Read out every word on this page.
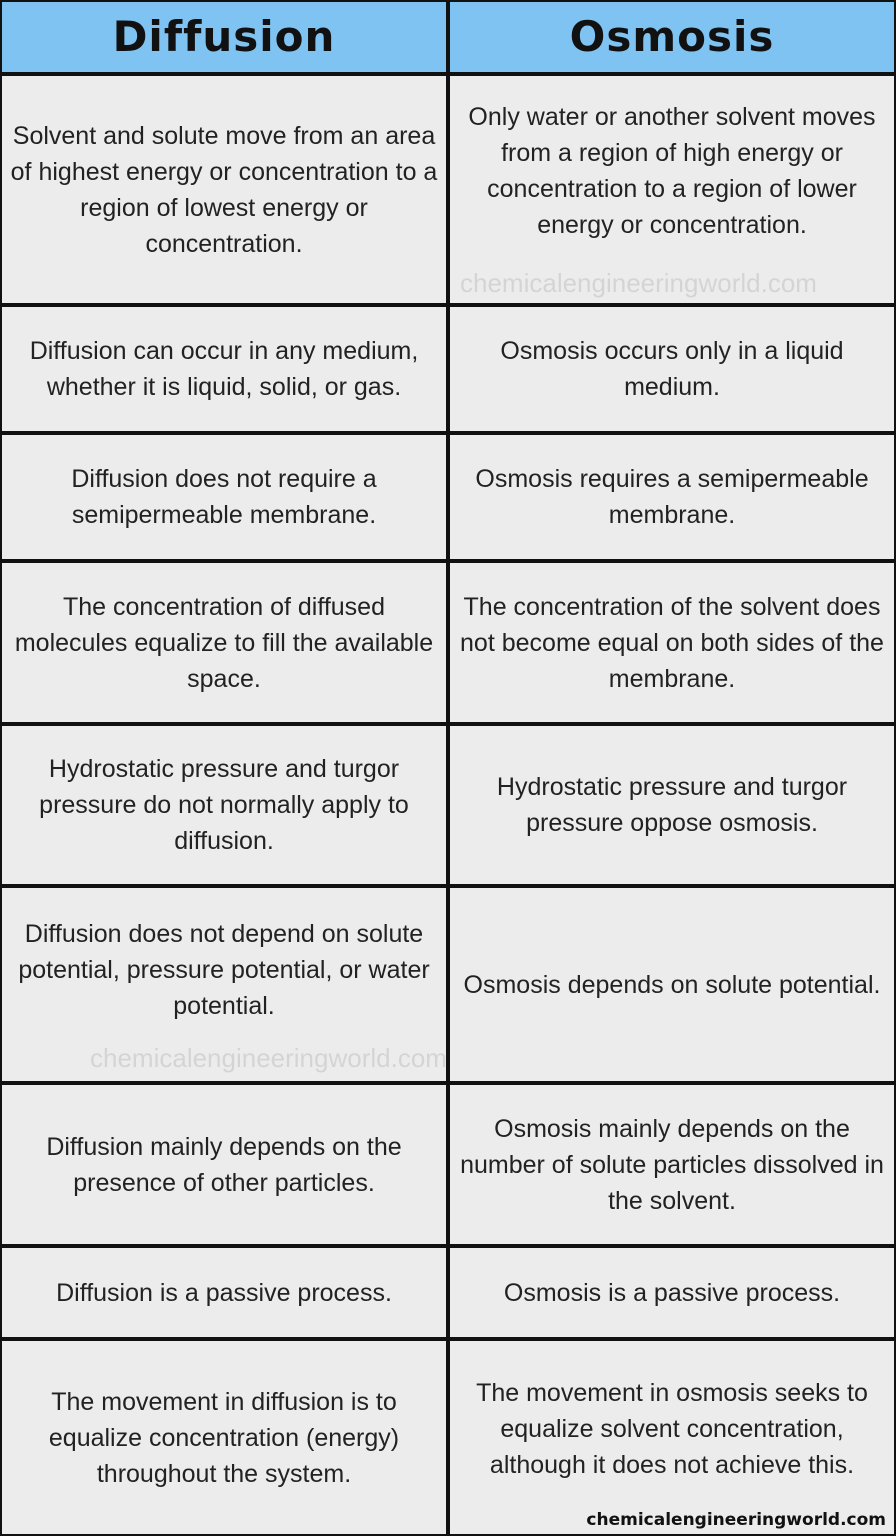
Diffusion	Osmosis
Solvent and solute move from an area of highest energy or concentration to a region of lowest energy or concentration.
Only water or another solvent moves from a region of high energy or concentration to a region of lower energy or concentration.
Diffusion can occur in any medium, whether it is liquid, solid, or gas.
Osmosis occurs only in a liquid medium.
Diffusion does not require a semipermeable membrane.
Osmosis requires a semipermeable membrane.
The concentration of diffused molecules equalize to fill the available space.
The concentration of the solvent does not become equal on both sides of the membrane.
Hydrostatic pressure and turgor pressure do not normally apply to diffusion.
Hydrostatic pressure and turgor pressure oppose osmosis.
Diffusion does not depend on solute potential, pressure potential, or water potential.
Osmosis depends on solute potential.
Diffusion mainly depends on the presence of other particles.
Osmosis mainly depends on the number of solute particles dissolved in the solvent.
Diffusion is a passive process.	Osmosis is a passive process.
The movement in diffusion is to equalize concentration (energy) throughout the system.
The movement in osmosis seeks to equalize solvent concentration, although it does not achieve this.
chemicalengineeringworld.com
